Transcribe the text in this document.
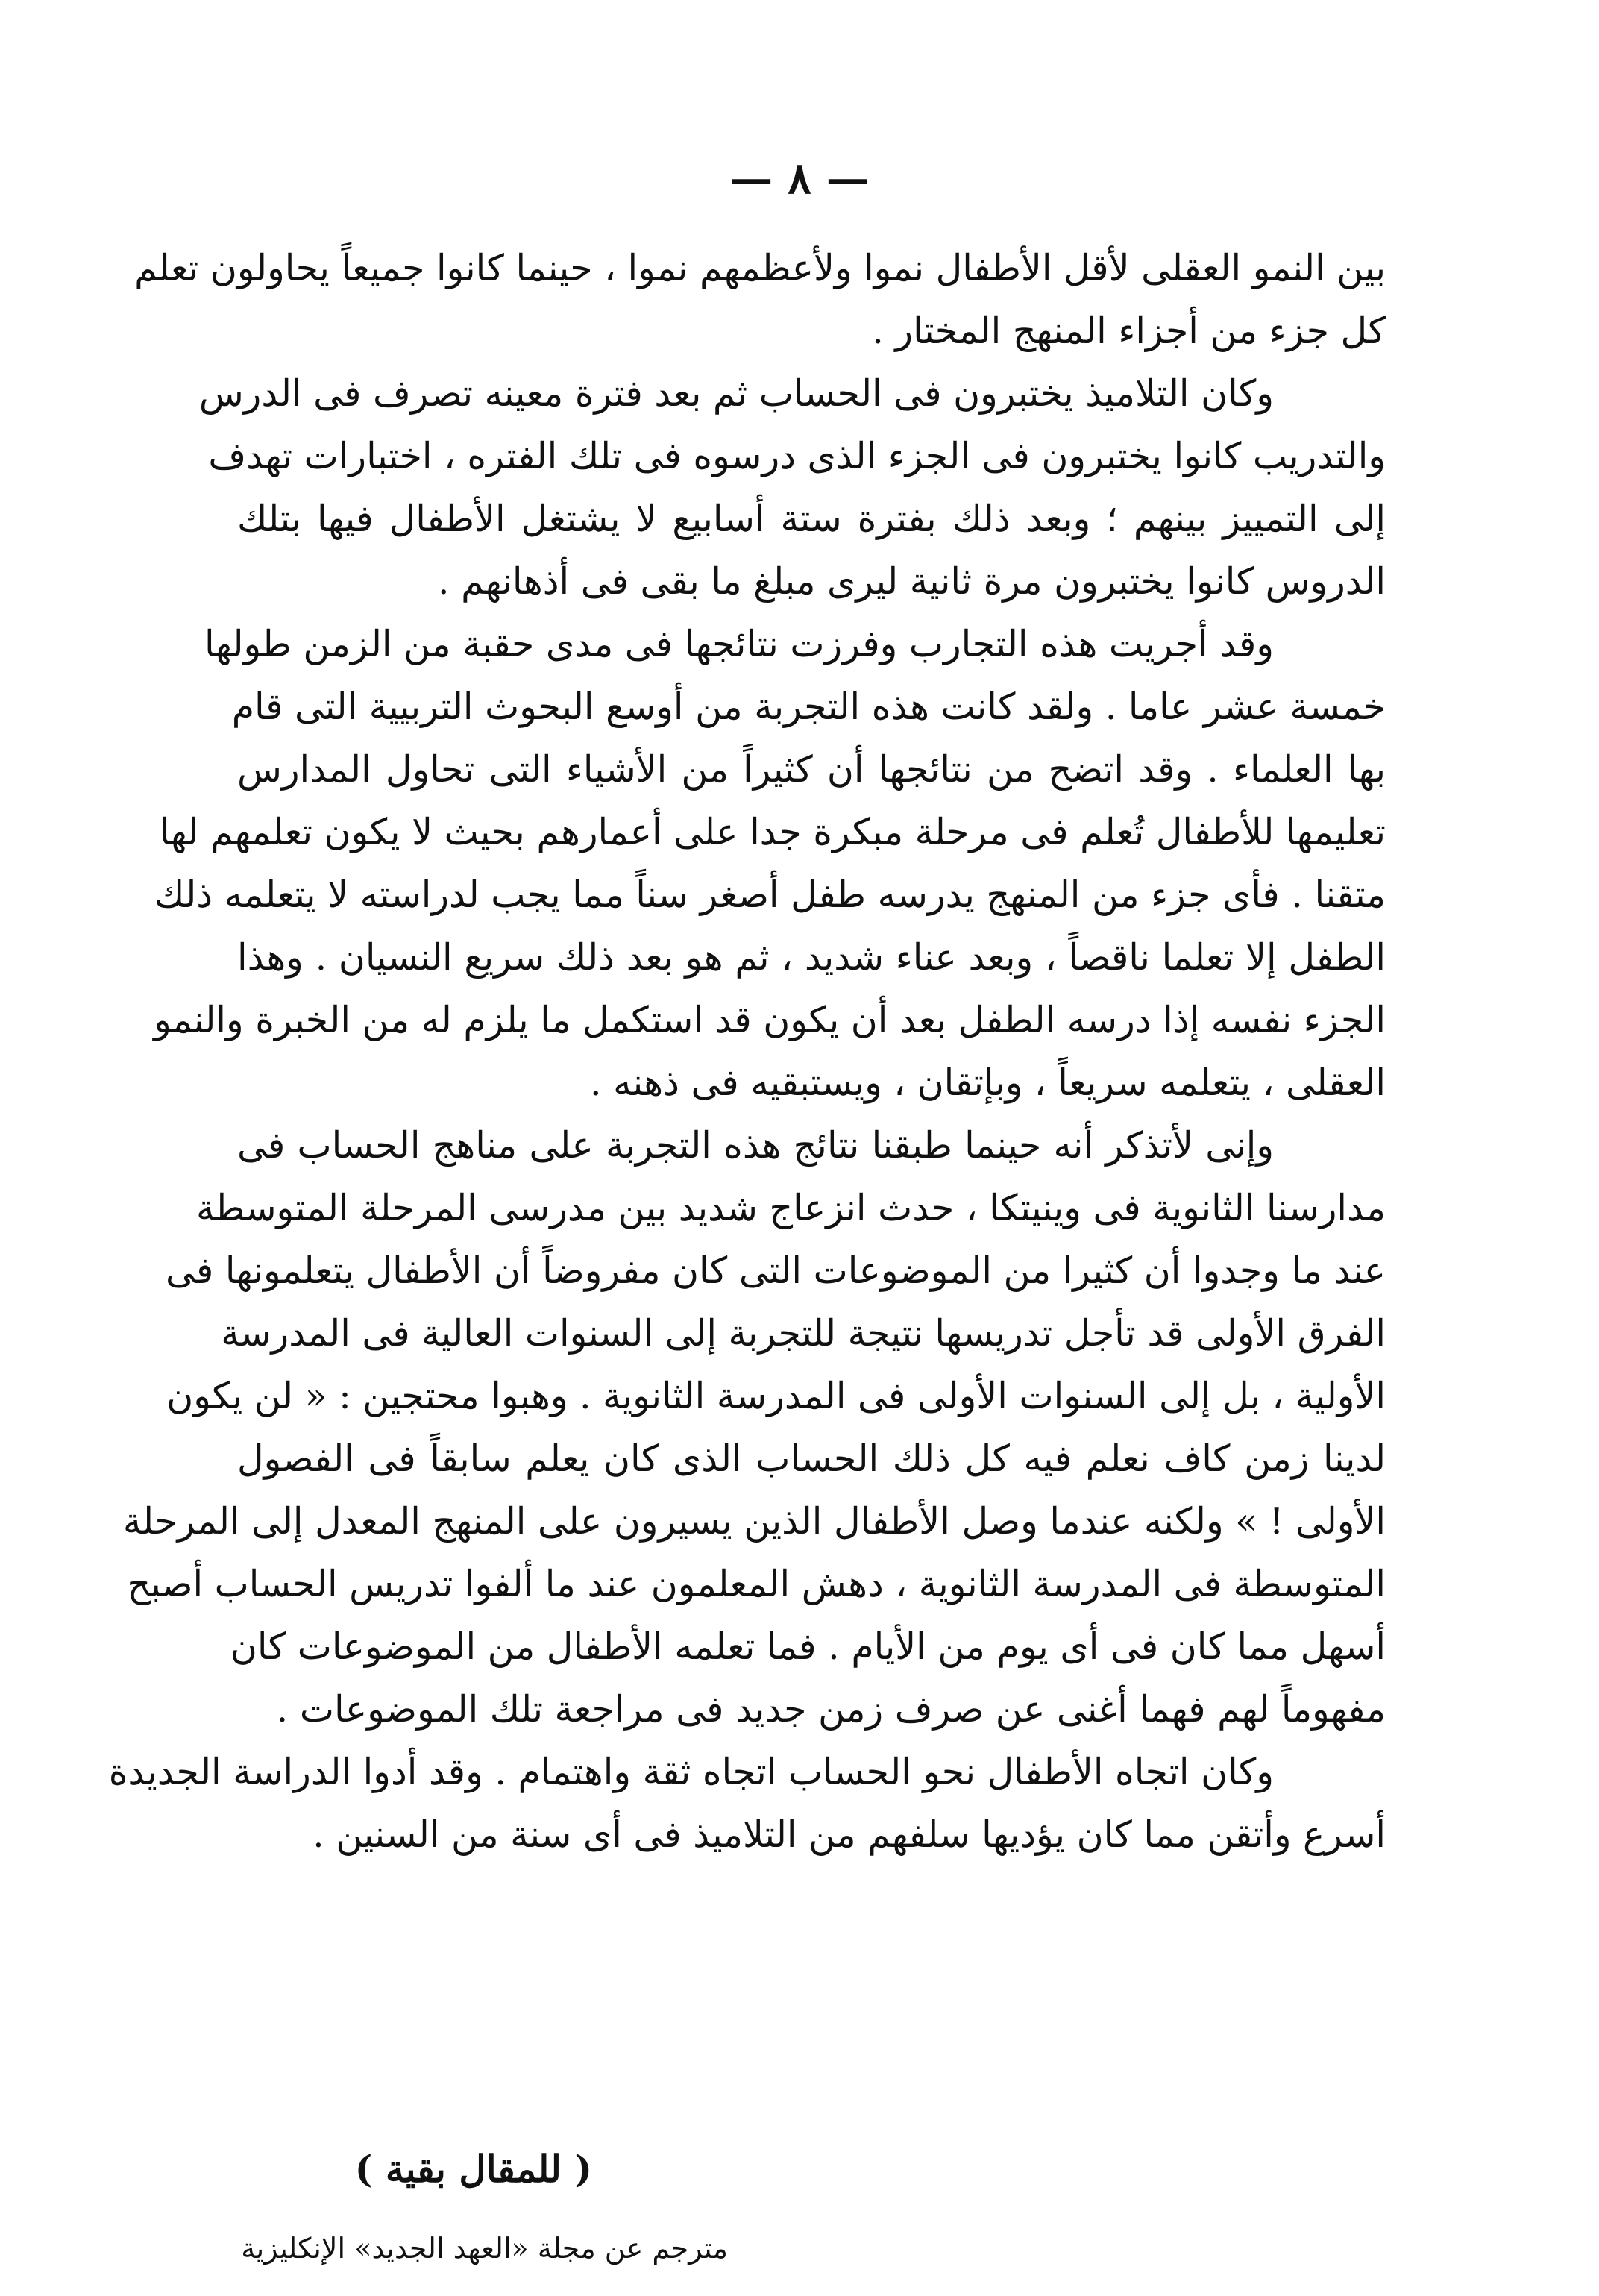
— ٨ —

بين النمو العقلى لأقل الأطفال نموا ولأعظمهم نموا ، حينما كانوا جميعاً يحاولون تعلم
كل جزء من أجزاء المنهج المختار .

وكان التلاميذ يختبرون فى الحساب ثم بعد فترة معينه تصرف فى الدرس
والتدريب كانوا يختبرون فى الجزء الذى درسوه فى تلك الفتره ، اختبارات تهدف
إلى التمييز بينهم ؛ وبعد ذلك بفترة ستة أسابيع لا يشتغل الأطفال فيها بتلك
الدروس كانوا يختبرون مرة ثانية ليرى مبلغ ما بقى فى أذهانهم .

وقد أجريت هذه التجارب وفرزت نتائجها فى مدى حقبة من الزمن طولها
خمسة عشر عاما . ولقد كانت هذه التجربة من أوسع البحوث التربيية التى قام
بها العلماء . وقد اتضح من نتائجها أن كثيراً من الأشياء التى تحاول المدارس
تعليمها للأطفال تُعلم فى مرحلة مبكرة جدا على أعمارهم بحيث لا يكون تعلمهم لها
متقنا . فأى جزء من المنهج يدرسه طفل أصغر سناً مما يجب لدراسته لا يتعلمه ذلك
الطفل إلا تعلما ناقصاً ، وبعد عناء شديد ، ثم هو بعد ذلك سريع النسيان . وهذا
الجزء نفسه إذا درسه الطفل بعد أن يكون قد استكمل ما يلزم له من الخبرة والنمو
العقلى ، يتعلمه سريعاً ، وبإتقان ، ويستبقيه فى ذهنه .

وإنى لأتذكر أنه حينما طبقنا نتائج هذه التجربة على مناهج الحساب فى
مدارسنا الثانوية فى وينيتكا ، حدث انزعاج شديد بين مدرسى المرحلة المتوسطة
عند ما وجدوا أن كثيرا من الموضوعات التى كان مفروضاً أن الأطفال يتعلمونها فى
الفرق الأولى قد تأجل تدريسها نتيجة للتجربة إلى السنوات العالية فى المدرسة
الأولية ، بل إلى السنوات الأولى فى المدرسة الثانوية . وهبوا محتجين : « لن يكون
لدينا زمن كاف نعلم فيه كل ذلك الحساب الذى كان يعلم سابقاً فى الفصول
الأولى ! » ولكنه عندما وصل الأطفال الذين يسيرون على المنهج المعدل إلى المرحلة
المتوسطة فى المدرسة الثانوية ، دهش المعلمون عند ما ألفوا تدريس الحساب أصبح
أسهل مما كان فى أى يوم من الأيام . فما تعلمه الأطفال من الموضوعات كان
مفهوماً لهم فهما أغنى عن صرف زمن جديد فى مراجعة تلك الموضوعات .

وكان اتجاه الأطفال نحو الحساب اتجاه ثقة واهتمام . وقد أدوا الدراسة الجديدة
أسرع وأتقن مما كان يؤديها سلفهم من التلاميذ فى أى سنة من السنين .

( للمقال بقية )
مترجم عن مجلة «العهد الجديد» الإنكليزية
